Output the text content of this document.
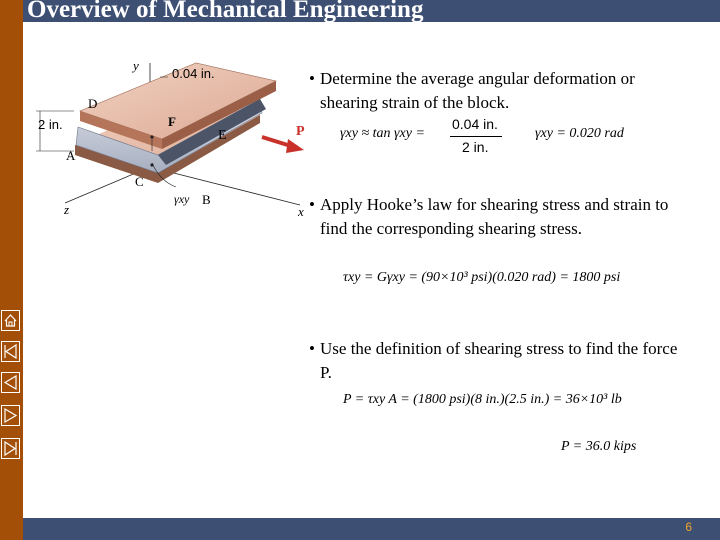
Overview of Mechanical Engineering
6
y
0.04 in.
D
2 in.	F
E	P
A
C
γxy B
z	x
• Determine the average angular deformation or shearing strain of the block.
• Apply Hooke’s law for shearing stress and strain to find the corresponding shearing stress.
• Use the definition of shearing stress to find the force P.
γxy ≈ tan γxy =
0.04 in.
2 in.
γxy = 0.020 rad
τxy = Gγxy = (90×10³ psi)(0.020 rad) = 1800 psi
P = τxy A = (1800 psi)(8 in.)(2.5 in.) = 36×10³ lb
P = 36.0 kips
